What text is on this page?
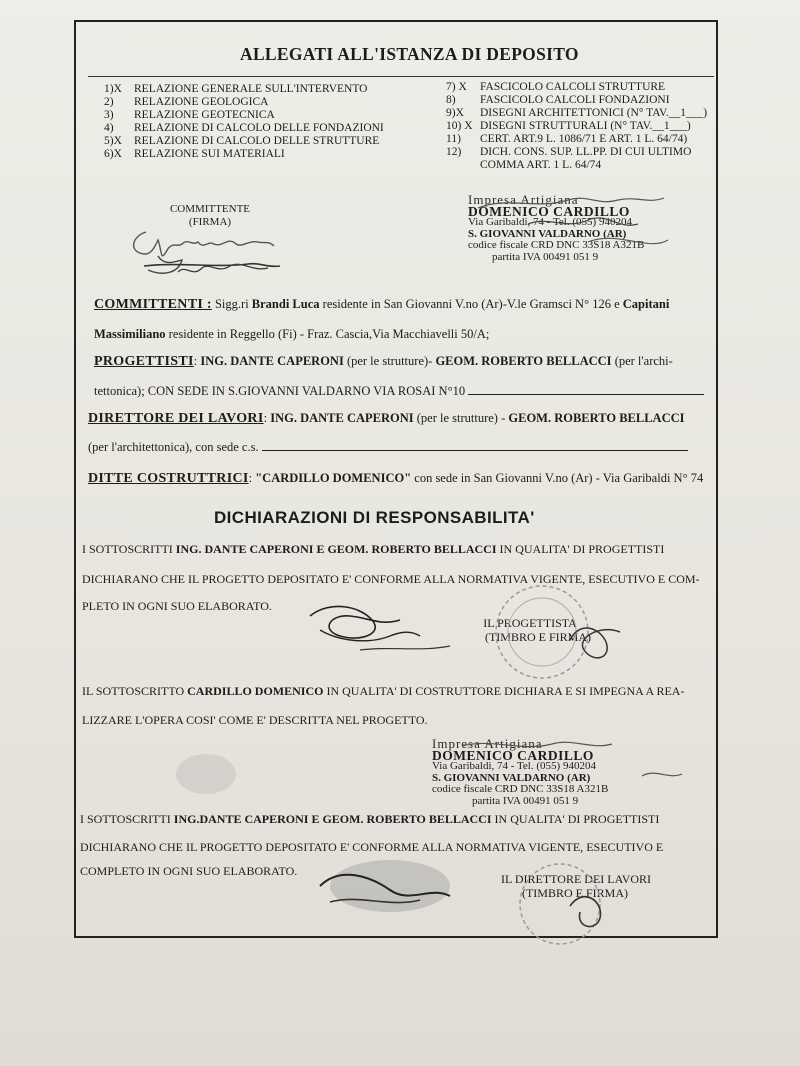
ALLEGATI ALL'ISTANZA DI DEPOSITO
1)X RELAZIONE GENERALE SULL'INTERVENTO
2) RELAZIONE GEOLOGICA
3) RELAZIONE GEOTECNICA
4) RELAZIONE DI CALCOLO DELLE FONDAZIONI
5)X RELAZIONE DI CALCOLO DELLE STRUTTURE
6)X RELAZIONE SUI MATERIALI
7) X FASCICOLO CALCOLI STRUTTURE
8) FASCICOLO CALCOLI FONDAZIONI
9)X DISEGNI ARCHITETTONICI (N° TAV.__1___)
10) X DISEGNI STRUTTURALI (N° TAV.__1___)
11) CERT. ART.9 L. 1086/71 E ART. 1 L. 64/74)
12) DICH. CONS. SUP. LL.PP. DI CUI ULTIMO
COMMA ART. 1 L. 64/74
COMMITTENTE
(FIRMA)
Impresa Artigiana
DOMENICO CARDILLO
Via Garibaldi, 74 - Tel. (055) 940204
S. GIOVANNI VALDARNO (AR)
codice fiscale CRD DNC 33S18 A321B
partita IVA 00491 051 9
COMMITTENTI : Sigg.ri Brandi Luca residente in San Giovanni V.no (Ar)-V.le Gramsci N° 126 e Capitani
Massimiliano residente in Reggello (Fi) - Fraz. Cascia,Via Macchiavelli 50/A;
PROGETTISTI: ING. DANTE CAPERONI (per le strutture)- GEOM. ROBERTO BELLACCI (per l'archi-
tettonica); CON SEDE IN S.GIOVANNI VALDARNO VIA ROSAI N°10
DIRETTORE DEI LAVORI: ING. DANTE CAPERONI (per le strutture) - GEOM. ROBERTO BELLACCI
(per l'architettonica), con sede c.s.
DITTE COSTRUTTRICI: "CARDILLO DOMENICO" con sede in San Giovanni V.no (Ar) - Via Garibaldi N° 74
DICHIARAZIONI DI RESPONSABILITA'
I SOTTOSCRITTI ING. DANTE CAPERONI E GEOM. ROBERTO BELLACCI IN QUALITA' DI PROGETTISTI
DICHIARANO CHE IL PROGETTO DEPOSITATO E' CONFORME ALLA NORMATIVA VIGENTE, ESECUTIVO E COM-
PLETO IN OGNI SUO ELABORATO.
IL PROGETTISTA
(TIMBRO E FIRMA)
IL SOTTOSCRITTO CARDILLO DOMENICO IN QUALITA' DI COSTRUTTORE DICHIARA E SI IMPEGNA A REA-
LIZZARE L'OPERA COSI' COME E' DESCRITTA NEL PROGETTO.
Impresa Artigiana
DOMENICO CARDILLO
Via Garibaldi, 74 - Tel. (055) 940204
S. GIOVANNI VALDARNO (AR)
codice fiscale CRD DNC 33S18 A321B
partita IVA 00491 051 9
I SOTTOSCRITTI ING.DANTE CAPERONI E GEOM. ROBERTO BELLACCI IN QUALITA' DI PROGETTISTI
DICHIARANO CHE IL PROGETTO DEPOSITATO E' CONFORME ALLA NORMATIVA VIGENTE, ESECUTIVO E
COMPLETO IN OGNI SUO ELABORATO.
IL DIRETTORE DEI LAVORI
(TIMBRO E FIRMA)
